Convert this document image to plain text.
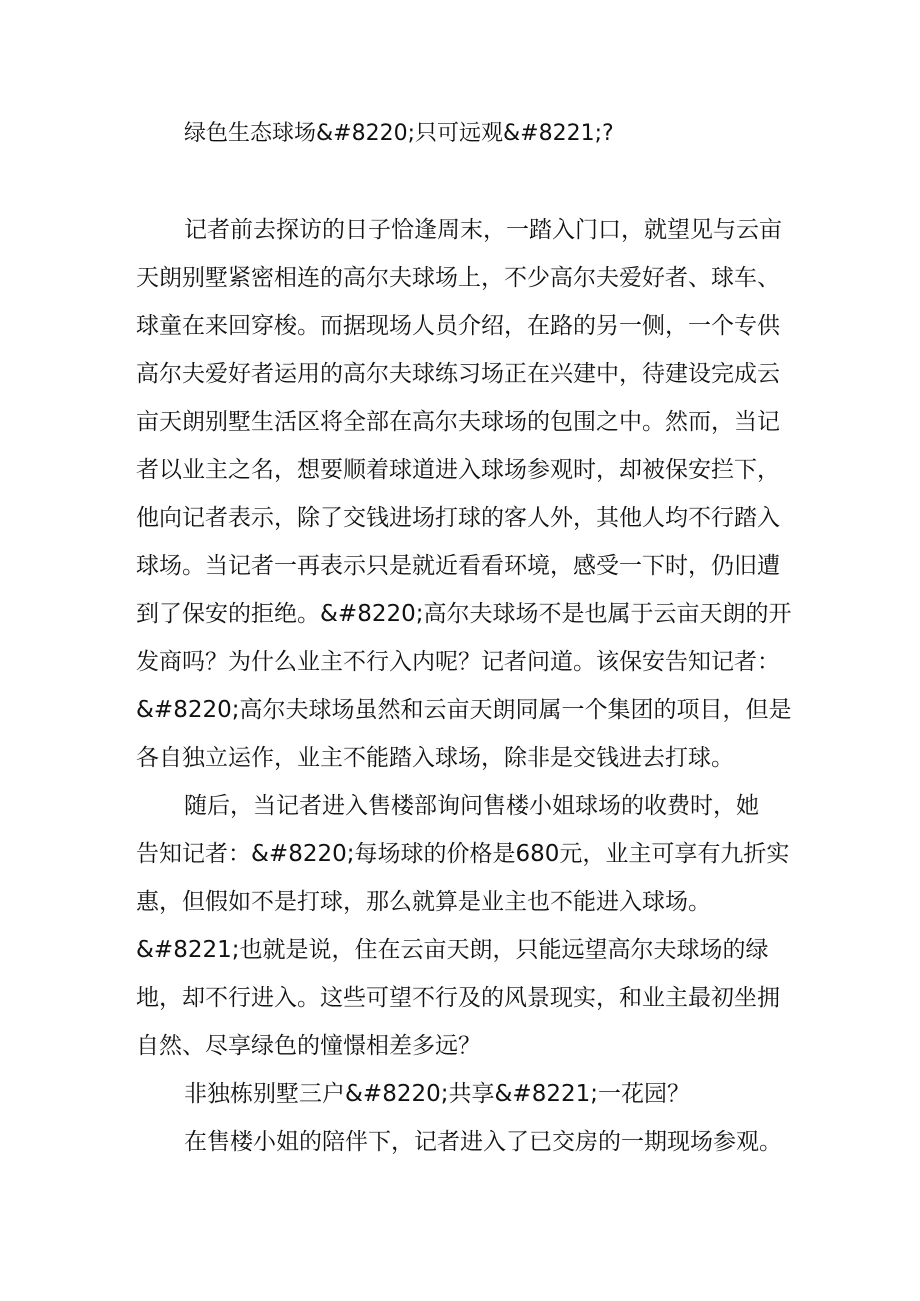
绿色生态球场&#8220;只可远观&#8221;?
记者前去探访的日子恰逢周末，一踏入门口，就望见与云亩
天朗别墅紧密相连的高尔夫球场上，不少高尔夫爱好者、球车、
球童在来回穿梭。而据现场人员介绍，在路的另一侧，一个专供
高尔夫爱好者运用的高尔夫球练习场正在兴建中，待建设完成云
亩天朗别墅生活区将全部在高尔夫球场的包围之中。然而，当记
者以业主之名，想要顺着球道进入球场参观时，却被保安拦下，
他向记者表示，除了交钱进场打球的客人外，其他人均不行踏入
球场。当记者一再表示只是就近看看环境，感受一下时，仍旧遭
到了保安的拒绝。&#8220;高尔夫球场不是也属于云亩天朗的开
发商吗？为什么业主不行入内呢？记者问道。该保安告知记者：
&#8220;高尔夫球场虽然和云亩天朗同属一个集团的项目，但是
各自独立运作，业主不能踏入球场，除非是交钱进去打球。
随后，当记者进入售楼部询问售楼小姐球场的收费时，她
告知记者：&#8220;每场球的价格是680元，业主可享有九折实
惠，但假如不是打球，那么就算是业主也不能进入球场。
&#8221;也就是说，住在云亩天朗，只能远望高尔夫球场的绿
地，却不行进入。这些可望不行及的风景现实，和业主最初坐拥
自然、尽享绿色的憧憬相差多远？
非独栋别墅三户&#8220;共享&#8221;一花园？
在售楼小姐的陪伴下，记者进入了已交房的一期现场参观。
